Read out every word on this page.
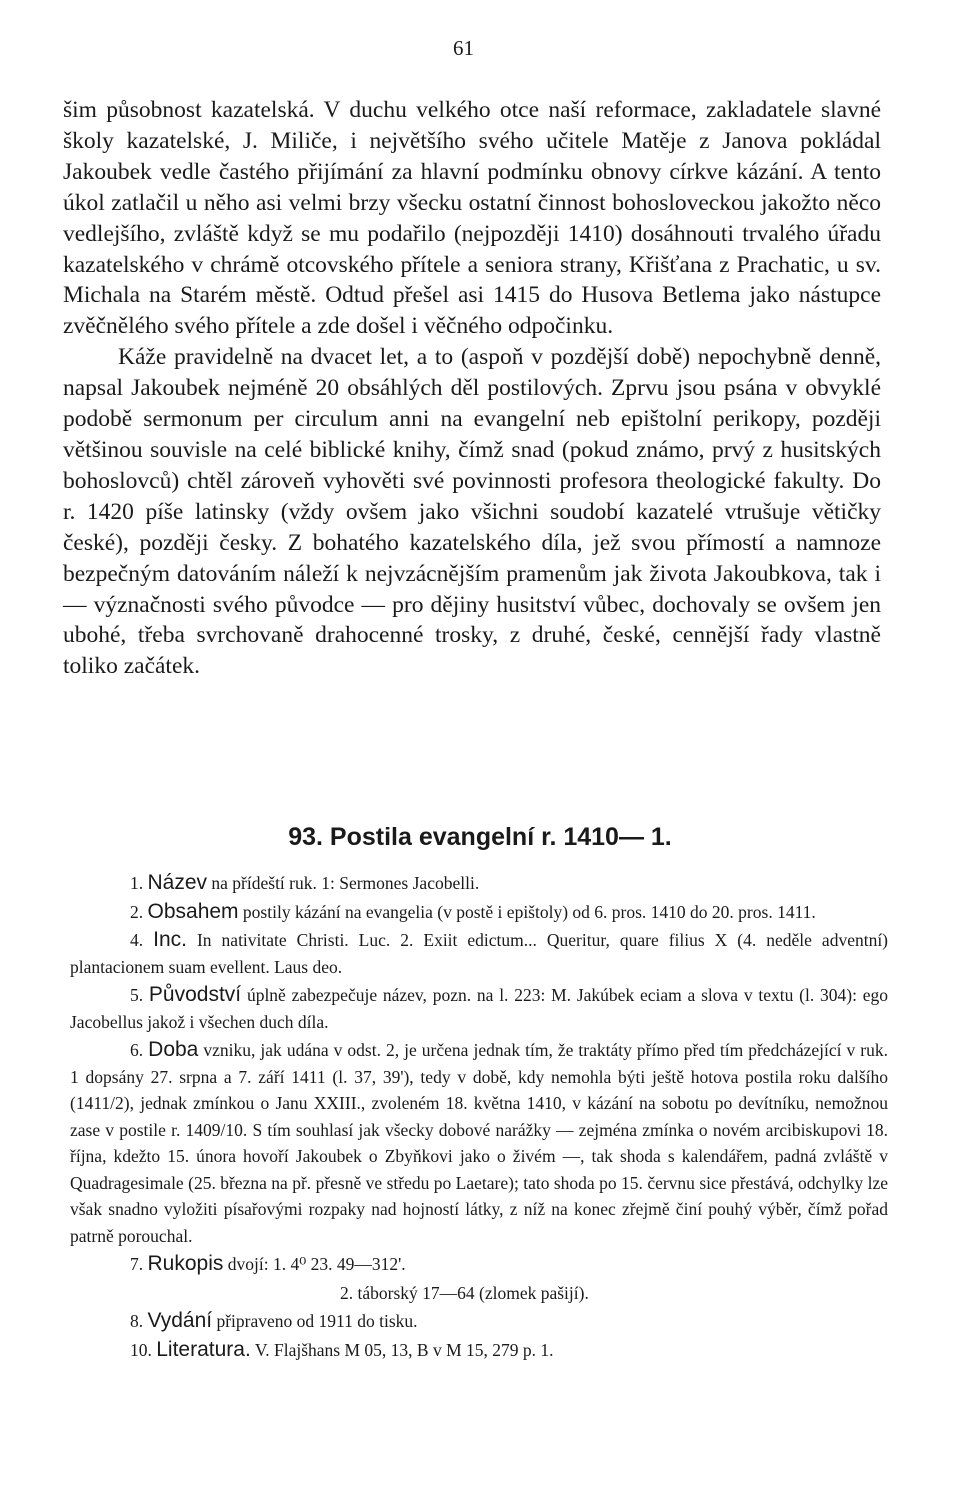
61

šim působnost kazatelská. V duchu velkého otce naší reformace, zakladatele slavné školy kazatelské, J. Miliče, i největšího svého učitele Matěje z Janova pokládal Jakoubek vedle častého přijímání za hlavní podmínku obnovy církve kázání. A tento úkol zatlačil u něho asi velmi brzy všecku ostatní činnost bohosloveckou jakožto něco vedlejšího, zvláště když se mu podařilo (nejpozději 1410) dosáhnouti trvalého úřadu kazatelského v chrámě otcovského přítele a seniora strany, Křišťana z Prachatic, u sv. Michala na Starém městě. Odtud přešel asi 1415 do Husova Betlema jako nástupce zvěčnělého svého přítele a zde došel i věčného odpočinku.

Káže pravidelně na dvacet let, a to (aspoň v pozdější době) nepochybně denně, napsal Jakoubek nejméně 20 obsáhlých děl postilových. Zprvu jsou psána v obvyklé podobě sermonum per circulum anni na evangelní neb epištolní perikopy, později většinou souvisle na celé biblické knihy, čímž snad (pokud známo, prvý z husitských bohoslovců) chtěl zároveň vyhověti své povinnosti profesora theologické fakulty. Do r. 1420 píše latinsky (vždy ovšem jako všichni soudobí kazatelé vtrušuje větičky české), později česky. Z bohatého kazatelského díla, jež svou přímostí a namnoze bezpečným datováním náleží k nejvzácnějším pramenům jak života Jakoubkova, tak i — význačnosti svého původce — pro dějiny husitství vůbec, dochovaly se ovšem jen ubohé, třeba svrchovaně drahocenné trosky, z druhé, české, cennější řady vlastně toliko začátek.

93. Postila evangelní r. 1410— 1.

1. Název na přídeští ruk. 1: Sermones Jacobelli.

2. Obsahem postily kázání na evangelia (v postě i epištoly) od 6. pros. 1410 do 20. pros. 1411.

4. Inc. In nativitate Christi. Luc. 2. Exiit edictum... Queritur, quare filius X (4. neděle adventní) plantacionem suam evellent. Laus deo.

5. Původství úplně zabezpečuje název, pozn. na l. 223: M. Jakúbek eciam a slova v textu (l. 304): ego Jacobellus jakož i všechen duch díla.

6. Doba vzniku, jak udána v odst. 2, je určena jednak tím, že traktáty přímo před tím předcházející v ruk. 1 dopsány 27. srpna a 7. září 1411 (l. 37, 39'), tedy v době, kdy nemohla býti ještě hotova postila roku dalšího (1411/2), jednak zmínkou o Janu XXIII., zvoleném 18. května 1410, v kázání na sobotu po devítníku, nemožnou zase v postile r. 1409/10. S tím souhlasí jak všecky dobové narážky — zejména zmínka o novém arcibiskupovi 18. října, kdežto 15. února hovoří Jakoubek o Zbyňkovi jako o živém —, tak shoda s kalendářem, padná zvláště v Quadragesimale (25. března na př. přesně ve středu po Laetare); tato shoda po 15. červnu sice přestává, odchylky lze však snadno vyložiti písařovými rozpaky nad hojností látky, z níž na konec zřejmě činí pouhý výběr, čímž pořad patrně porouchal.

7. Rukopis dvojí: 1. 4⁰ 23. 49—312'.

2. táborský 17—64 (zlomek pašijí).

8. Vydání připraveno od 1911 do tisku.

10. Literatura. V. Flajšhans M 05, 13, B v M 15, 279 p. 1.
